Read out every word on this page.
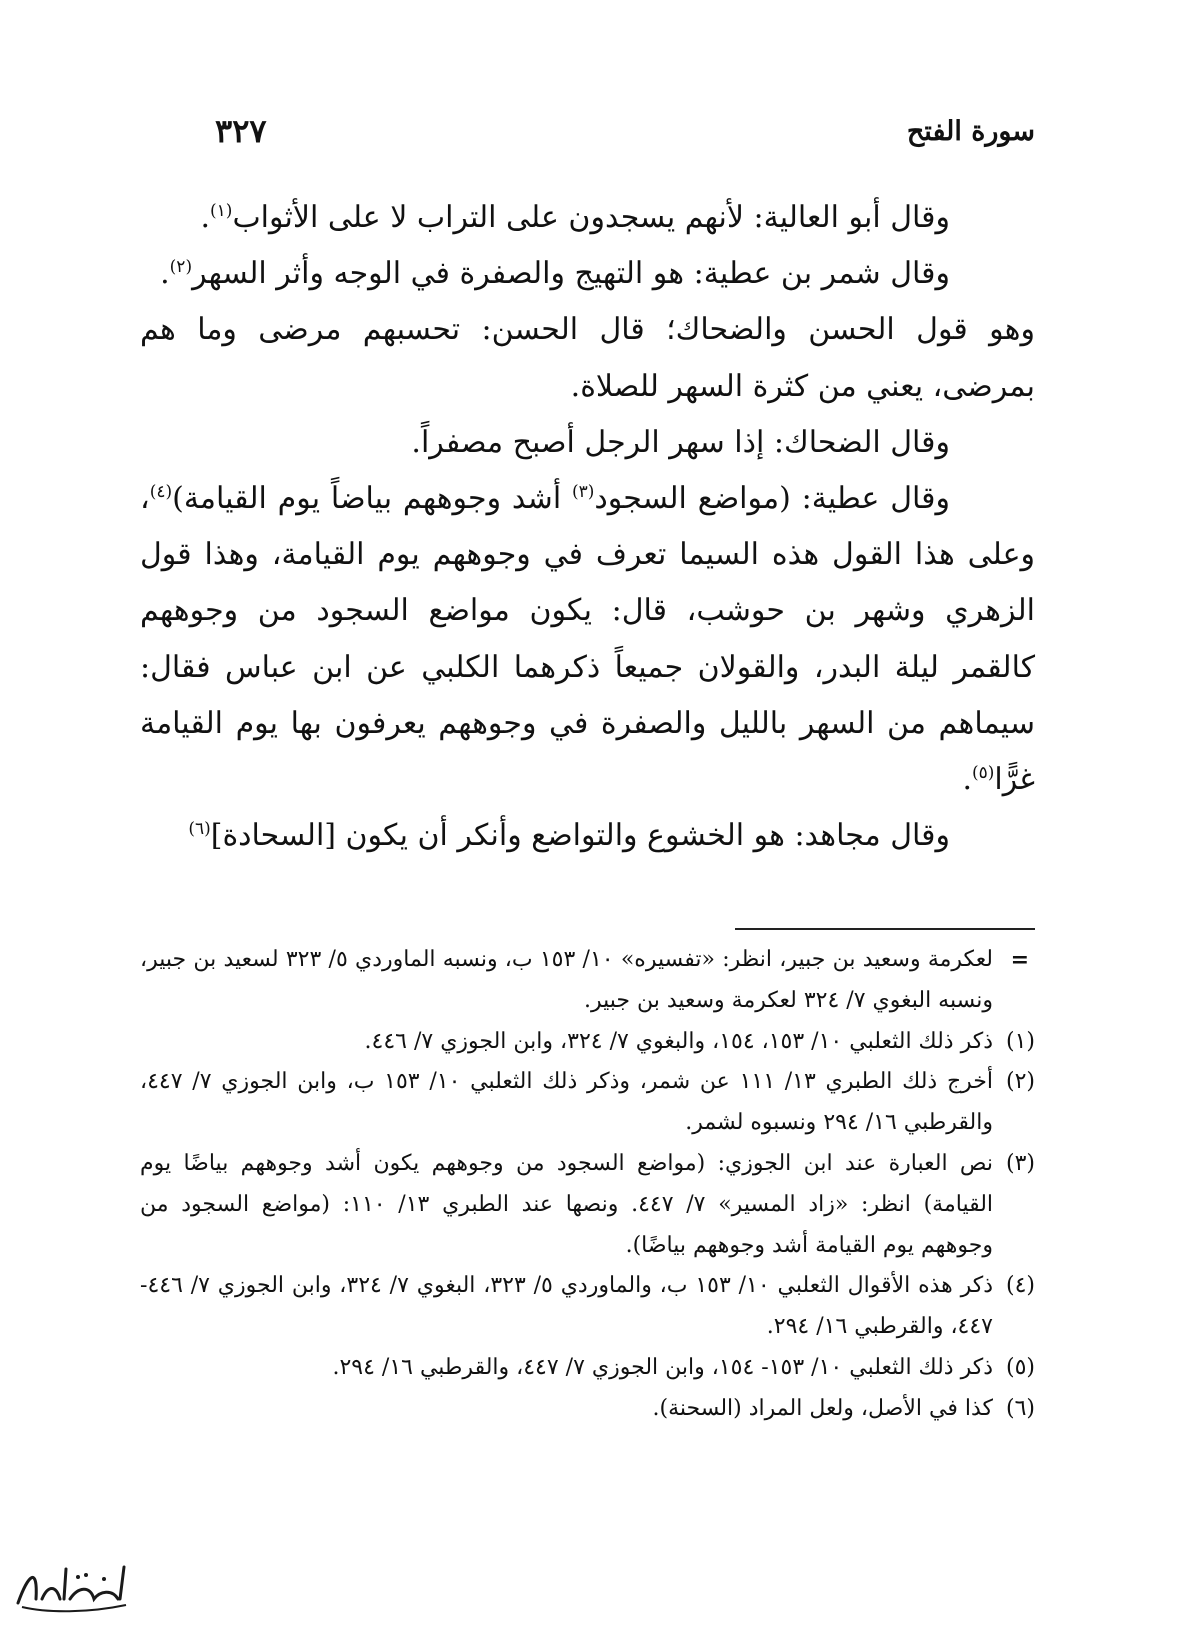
٣٢٧	سورة الفتح

وقال أبو العالية: لأنهم يسجدون على التراب لا على الأثواب$^{(١)}$.

وقال شمر بن عطية: هو التهيج والصفرة في الوجه وأثر السهر$^{(٢)}$.

وهو قول الحسن والضحاك؛ قال الحسن: تحسبهم مرضى وما هم بمرضى، يعني من كثرة السهر للصلاة.

وقال الضحاك: إذا سهر الرجل أصبح مصفراً.

وقال عطية: (مواضع السجود$^{(٣)}$ أشد وجوههم بياضاً يوم القيامة)$^{(٤)}$، وعلى هذا القول هذه السيما تعرف في وجوههم يوم القيامة، وهذا قول الزهري وشهر بن حوشب، قال: يكون مواضع السجود من وجوههم كالقمر ليلة البدر، والقولان جميعاً ذكرهما الكلبي عن ابن عباس فقال: سيماهم من السهر بالليل والصفرة في وجوههم يعرفون بها يوم القيامة غرًّا$^{(٥)}$.

وقال مجاهد: هو الخشوع والتواضع وأنكر أن يكون [السحادة]$^{(٦)}$

=
لعكرمة وسعيد بن جبير، انظر: «تفسيره» ١٠/ ١٥٣ ب، ونسبه الماوردي ٥/ ٣٢٣ لسعيد بن جبير، ونسبه البغوي ٧/ ٣٢٤ لعكرمة وسعيد بن جبير.

(١)
ذكر ذلك الثعلبي ١٠/ ١٥٣، ١٥٤، والبغوي ٧/ ٣٢٤، وابن الجوزي ٧/ ٤٤٦.

(٢)
أخرج ذلك الطبري ١٣/ ١١١ عن شمر، وذكر ذلك الثعلبي ١٠/ ١٥٣ ب، وابن الجوزي ٧/ ٤٤٧، والقرطبي ١٦/ ٢٩٤ ونسبوه لشمر.

(٣)
نص العبارة عند ابن الجوزي: (مواضع السجود من وجوههم يكون أشد وجوههم بياضًا يوم القيامة) انظر: «زاد المسير» ٧/ ٤٤٧. ونصها عند الطبري ١٣/ ١١٠: (مواضع السجود من وجوههم يوم القيامة أشد وجوههم بياضًا).

(٤)
ذكر هذه الأقوال الثعلبي ١٠/ ١٥٣ ب، والماوردي ٥/ ٣٢٣، البغوي ٧/ ٣٢٤، وابن الجوزي ٧/ ٤٤٦- ٤٤٧، والقرطبي ١٦/ ٢٩٤.

(٥)
ذكر ذلك الثعلبي ١٠/ ١٥٣- ١٥٤، وابن الجوزي ٧/ ٤٤٧، والقرطبي ١٦/ ٢٩٤.

(٦)
كذا في الأصل، ولعل المراد (السحنة).
